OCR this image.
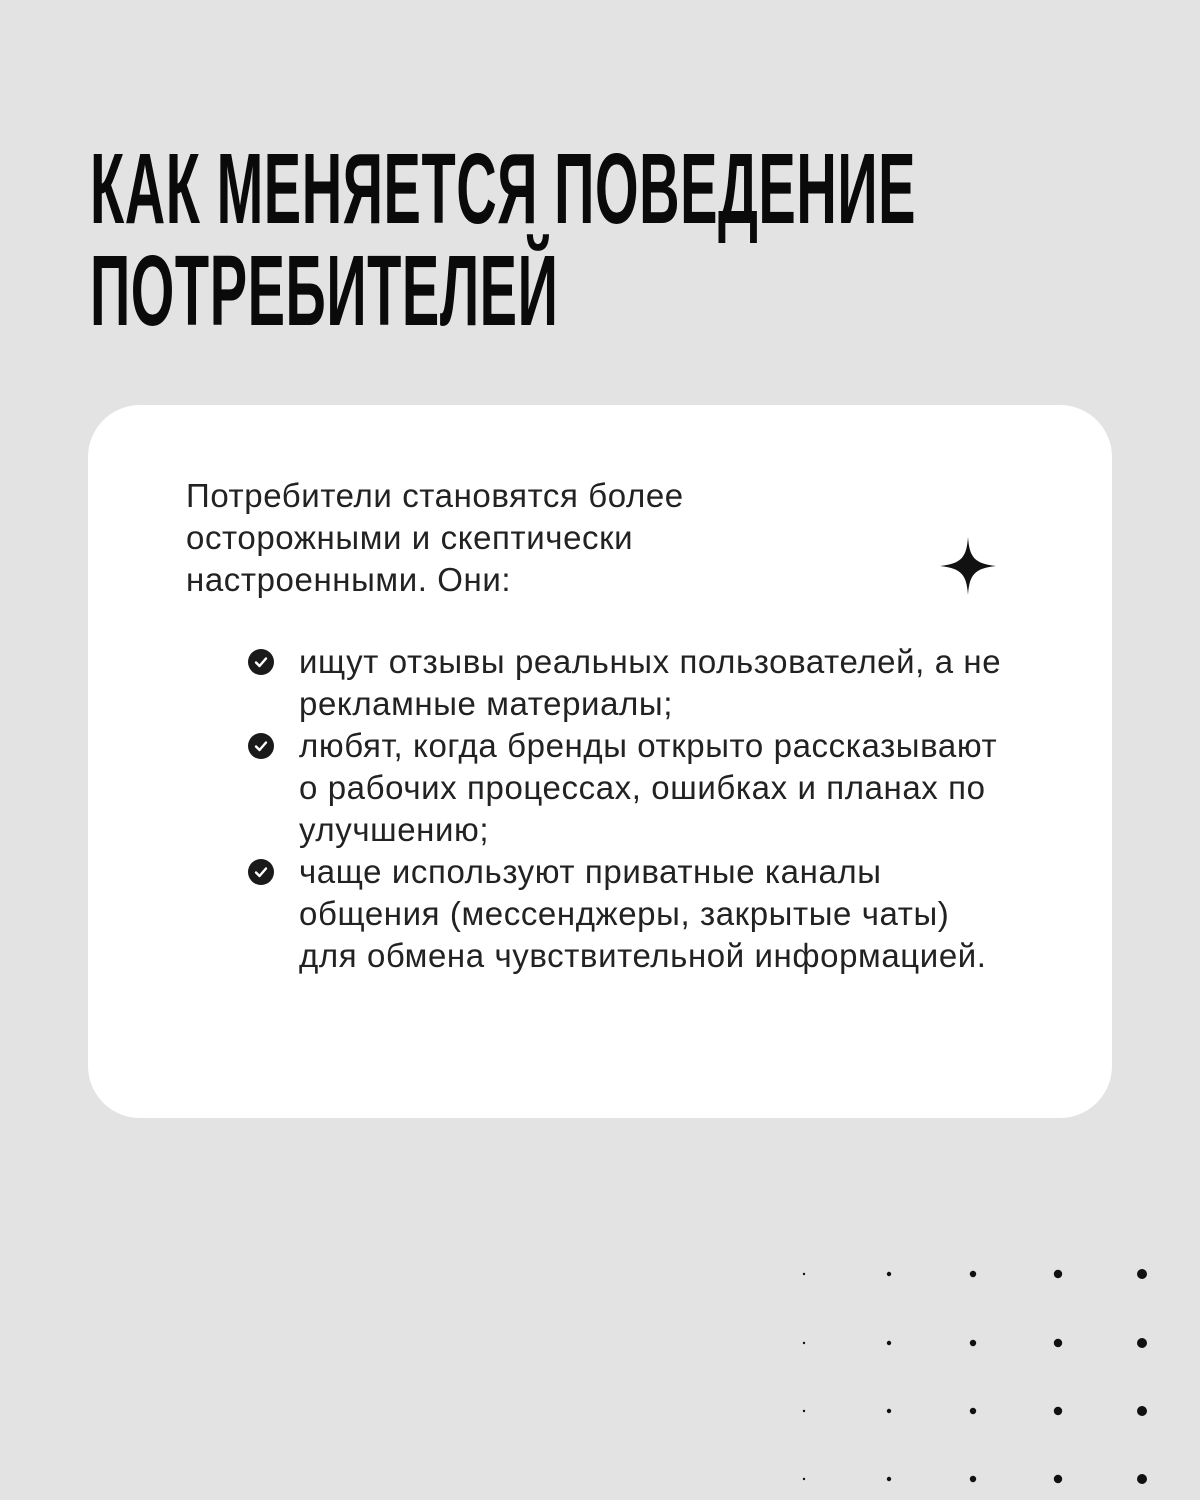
КАК МЕНЯЕТСЯ ПОВЕДЕНИЕ
ПОТРЕБИТЕЛЕЙ

Потребители становятся более осторожными и скептически настроенными. Они:

ищут отзывы реальных пользователей, а не рекламные материалы;
любят, когда бренды открыто рассказывают о рабочих процессах, ошибках и планах по улучшению;
чаще используют приватные каналы общения (мессенджеры, закрытые чаты) для обмена чувствительной информацией.
